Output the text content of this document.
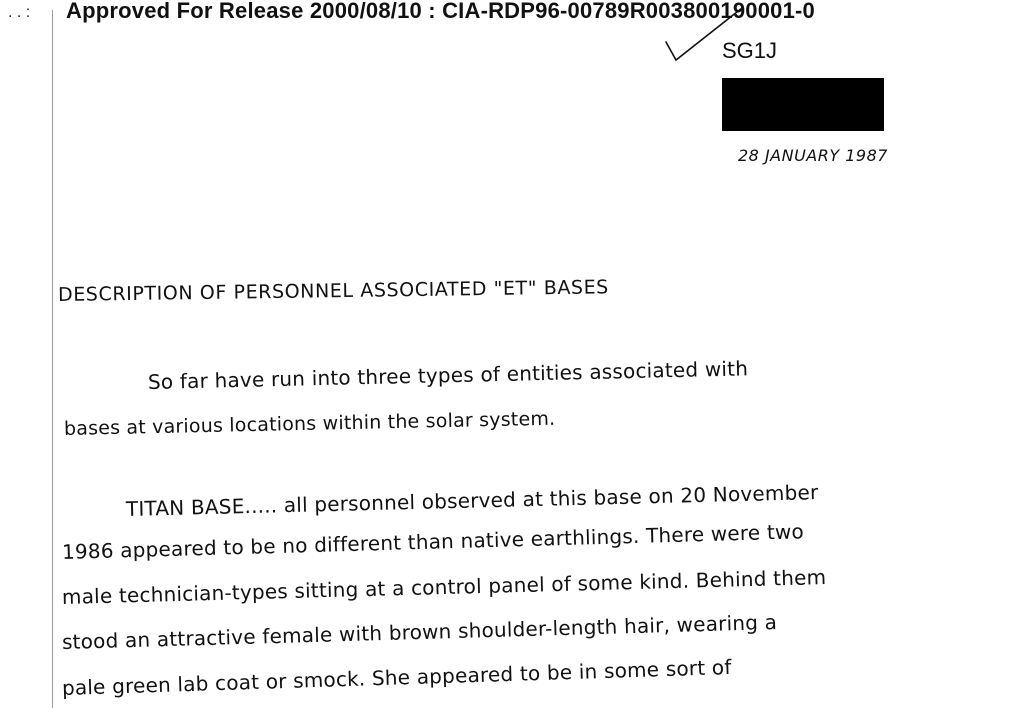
. . : Approved For Release 2000/08/10 : CIA-RDP96-00789R003800190001-0
SG1J
28 JANUARY 1987
DESCRIPTION OF PERSONNEL ASSOCIATED "ET" BASES
So far have run into three types of entities associated with
bases at various locations within the solar system.
TITAN BASE..... all personnel observed at this base on 20 November
1986 appeared to be no different than native earthlings. There were two
male technician-types sitting at a control panel of some kind. Behind them
stood an attractive female with brown shoulder-length hair, wearing a
pale green lab coat or smock. She appeared to be in some sort of
